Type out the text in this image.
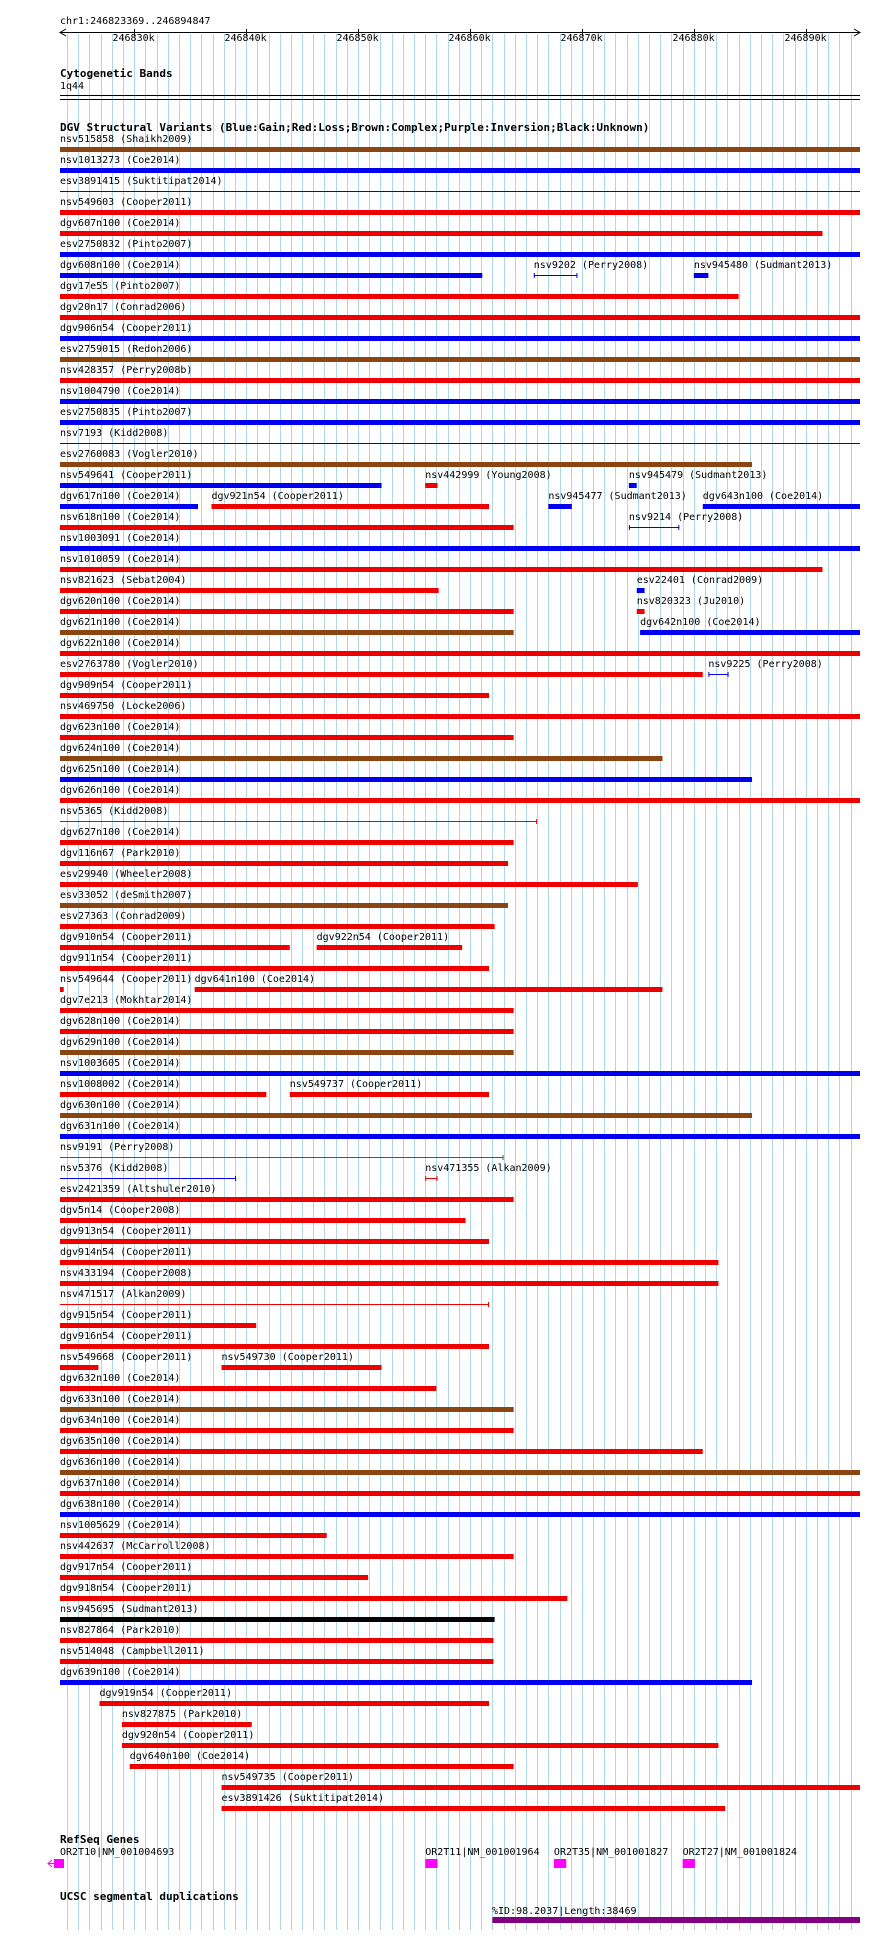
chr1:246823369..246894847
246830k	246840k	246850k	246860k	246870k	246880k	246890k
Cytogenetic Bands
1q44
DGV Structural Variants (Blue:Gain;Red:Loss;Brown:Complex;Purple:Inversion;Black:Unknown)
nsv515858 (Shaikh2009)
nsv1013273 (Coe2014)
esv3891415 (Suktitipat2014)
nsv549603 (Cooper2011)
dgv607n100 (Coe2014)
esv2750832 (Pinto2007)
dgv608n100 (Coe2014)
dgv17e55 (Pinto2007)
dgv20n17 (Conrad2006)
dgv906n54 (Cooper2011)
esv2759015 (Redon2006)
nsv428357 (Perry2008b)
nsv1004790 (Coe2014)
esv2750835 (Pinto2007)
nsv7193 (Kidd2008)
esv2760083 (Vogler2010)
nsv549641 (Cooper2011)
dgv617n100 (Coe2014)
nsv618n100 (Coe2014)
nsv1003091 (Coe2014)
nsv1010059 (Coe2014)
nsv821623 (Sebat2004)
dgv620n100 (Coe2014)
dgv621n100 (Coe2014)
dgv622n100 (Coe2014)
esv2763780 (Vogler2010)
dgv909n54 (Cooper2011)
nsv469750 (Locke2006)
dgv623n100 (Coe2014)
dgv624n100 (Coe2014)
dgv625n100 (Coe2014)
dgv626n100 (Coe2014)
nsv5365 (Kidd2008)
dgv627n100 (Coe2014)
dgv116n67 (Park2010)
esv29940 (Wheeler2008)
esv33052 (deSmith2007)
esv27363 (Conrad2009)
dgv910n54 (Cooper2011)
dgv911n54 (Cooper2011)
nsv549644 (Cooper2011)
dgv7e213 (Mokhtar2014)
dgv628n100 (Coe2014)
dgv629n100 (Coe2014)
nsv1003605 (Coe2014)
nsv1008002 (Coe2014)
dgv630n100 (Coe2014)
dgv631n100 (Coe2014)
nsv9191 (Perry2008)
nsv5376 (Kidd2008)
esv2421359 (Altshuler2010)
dgv5n14 (Cooper2008)
dgv913n54 (Cooper2011)
dgv914n54 (Cooper2011)
nsv433194 (Cooper2008)
nsv471517 (Alkan2009)
dgv915n54 (Cooper2011)
dgv916n54 (Cooper2011)
nsv549668 (Cooper2011)
dgv632n100 (Coe2014)
dgv633n100 (Coe2014)
dgv634n100 (Coe2014)
dgv635n100 (Coe2014)
dgv636n100 (Coe2014)
dgv637n100 (Coe2014)
dgv638n100 (Coe2014)
nsv1005629 (Coe2014)
nsv442637 (McCarroll2008)
dgv917n54 (Cooper2011)
dgv918n54 (Cooper2011)
nsv945695 (Sudmant2013)
nsv827864 (Park2010)
nsv514048 (Campbell2011)
dgv639n100 (Coe2014)
nsv9202 (Perry2008)	nsv945480 (Sudmant2013)
nsv442999 (Young2008)	nsv945479 (Sudmant2013)
dgv921n54 (Cooper2011)	nsv945477 (Sudmant2013) dgv643n100 (Coe2014)
nsv9214 (Perry2008)
esv22401 (Conrad2009)
nsv820323 (Ju2010)
dgv642n100 (Coe2014)
nsv9225 (Perry2008)
dgv922n54 (Cooper2011)
dgv641n100 (Coe2014)
nsv549737 (Cooper2011)
nsv471355 (Alkan2009)
nsv549730 (Cooper2011)
dgv919n54 (Cooper2011)
nsv827875 (Park2010)
dgv920n54 (Cooper2011)
dgv640n100 (Coe2014)
nsv549735 (Cooper2011)
esv3891426 (Suktitipat2014)
RefSeq Genes
OR2T10|NM_001004693	OR2T11|NM_001001964 OR2T35|NM_001001827 OR2T27|NM_001001824
UCSC segmental duplications
%ID:98.2037|Length:38469
